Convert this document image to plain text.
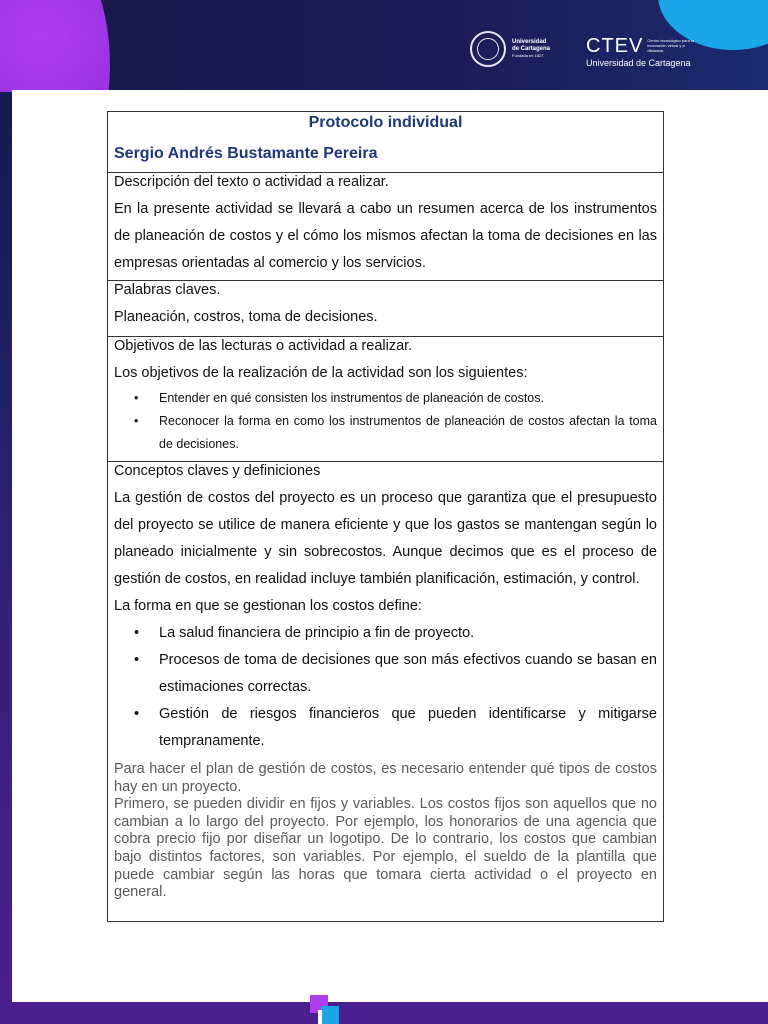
Universidad
de Cartagena
Fundada en 1827	CTEV Centro tecnológico para la innovación virtual y a distancia
Universidad de Cartagena
Protocolo individual
Sergio Andrés Bustamante Pereira
Descripción del texto o actividad a realizar.
En la presente actividad se llevará a cabo un resumen acerca de los instrumentos de planeación de costos y el cómo los mismos afectan la toma de decisiones en las empresas orientadas al comercio y los servicios.
Palabras claves.
Planeación, costros, toma de decisiones.
Objetivos de las lecturas o actividad a realizar.
Los objetivos de la realización de la actividad son los siguientes:
• Entender en qué consisten los instrumentos de planeación de costos.
• Reconocer la forma en como los instrumentos de planeación de costos afectan la toma de decisiones.
Conceptos claves y definiciones
La gestión de costos del proyecto es un proceso que garantiza que el presupuesto del proyecto se utilice de manera eficiente y que los gastos se mantengan según lo planeado inicialmente y sin sobrecostos. Aunque decimos que es el proceso de gestión de costos, en realidad incluye también planificación, estimación, y control.
La forma en que se gestionan los costos define:
• La salud financiera de principio a fin de proyecto.
• Procesos de toma de decisiones que son más efectivos cuando se basan en estimaciones correctas.
• Gestión de riesgos financieros que pueden identificarse y mitigarse tempranamente.
Para hacer el plan de gestión de costos, es necesario entender qué tipos de costos hay en un proyecto.
Primero, se pueden dividir en fijos y variables. Los costos fijos son aquellos que no cambian a lo largo del proyecto. Por ejemplo, los honorarios de una agencia que cobra precio fijo por diseñar un logotipo. De lo contrario, los costos que cambian bajo distintos factores, son variables. Por ejemplo, el sueldo de la plantilla que puede cambiar según las horas que tomara cierta actividad o el proyecto en general.
